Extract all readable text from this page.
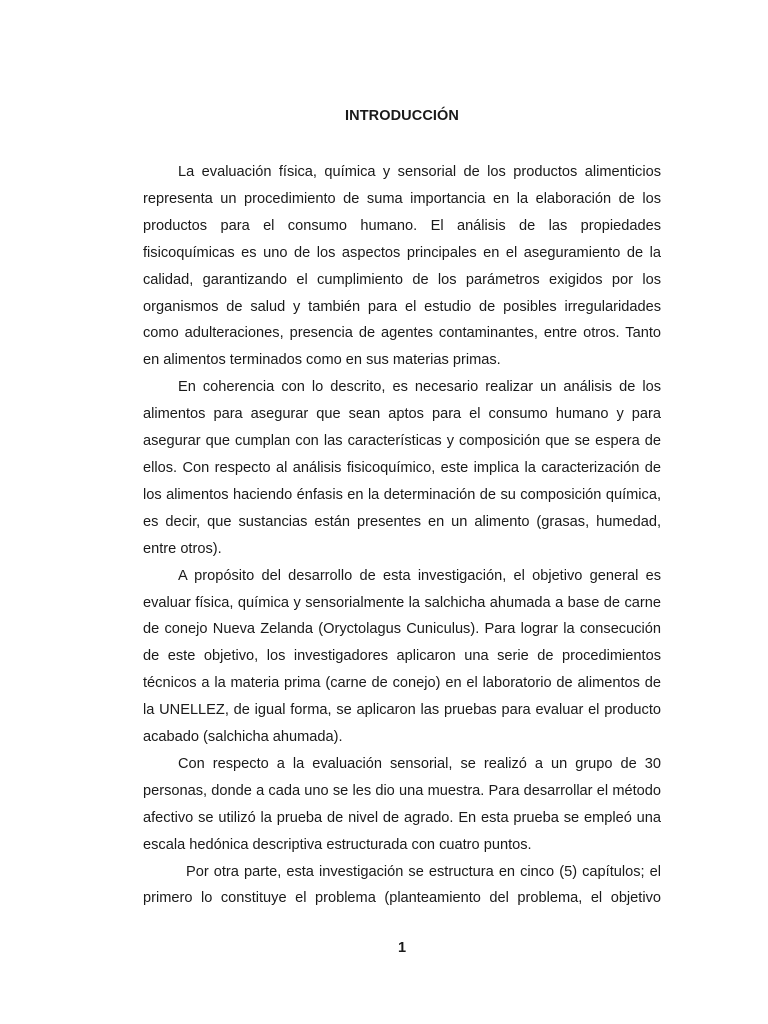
INTRODUCCIÓN

La evaluación física, química y sensorial de los productos alimenticios representa un procedimiento de suma importancia en la elaboración de los productos para el consumo humano. El análisis de las propiedades fisicoquímicas es uno de los aspectos principales en el aseguramiento de la calidad, garantizando el cumplimiento de los parámetros exigidos por los organismos de salud y también para el estudio de posibles irregularidades como adulteraciones, presencia de agentes contaminantes, entre otros. Tanto en alimentos terminados como en sus materias primas.

En coherencia con lo descrito, es necesario realizar un análisis de los alimentos para asegurar que sean aptos para el consumo humano y para asegurar que cumplan con las características y composición que se espera de ellos. Con respecto al análisis fisicoquímico, este implica la caracterización de los alimentos haciendo énfasis en la determinación de su composición química, es decir, que sustancias están presentes en un alimento (grasas, humedad, entre otros).

A propósito del desarrollo de esta investigación, el objetivo general es evaluar física, química y sensorialmente la salchicha ahumada a base de carne de conejo Nueva Zelanda (Oryctolagus Cuniculus). Para lograr la consecución de este objetivo, los investigadores aplicaron una serie de procedimientos técnicos a la materia prima (carne de conejo) en el laboratorio de alimentos de la UNELLEZ, de igual forma, se aplicaron las pruebas para evaluar el producto acabado (salchicha ahumada).

Con respecto a la evaluación sensorial, se realizó a un grupo de 30 personas, donde a cada uno se les dio una muestra. Para desarrollar el método afectivo se utilizó la prueba de nivel de agrado. En esta prueba se empleó una escala hedónica descriptiva estructurada con cuatro puntos.

Por otra parte, esta investigación se estructura en cinco (5) capítulos; el primero lo constituye el problema (planteamiento del problema, el objetivo

1
